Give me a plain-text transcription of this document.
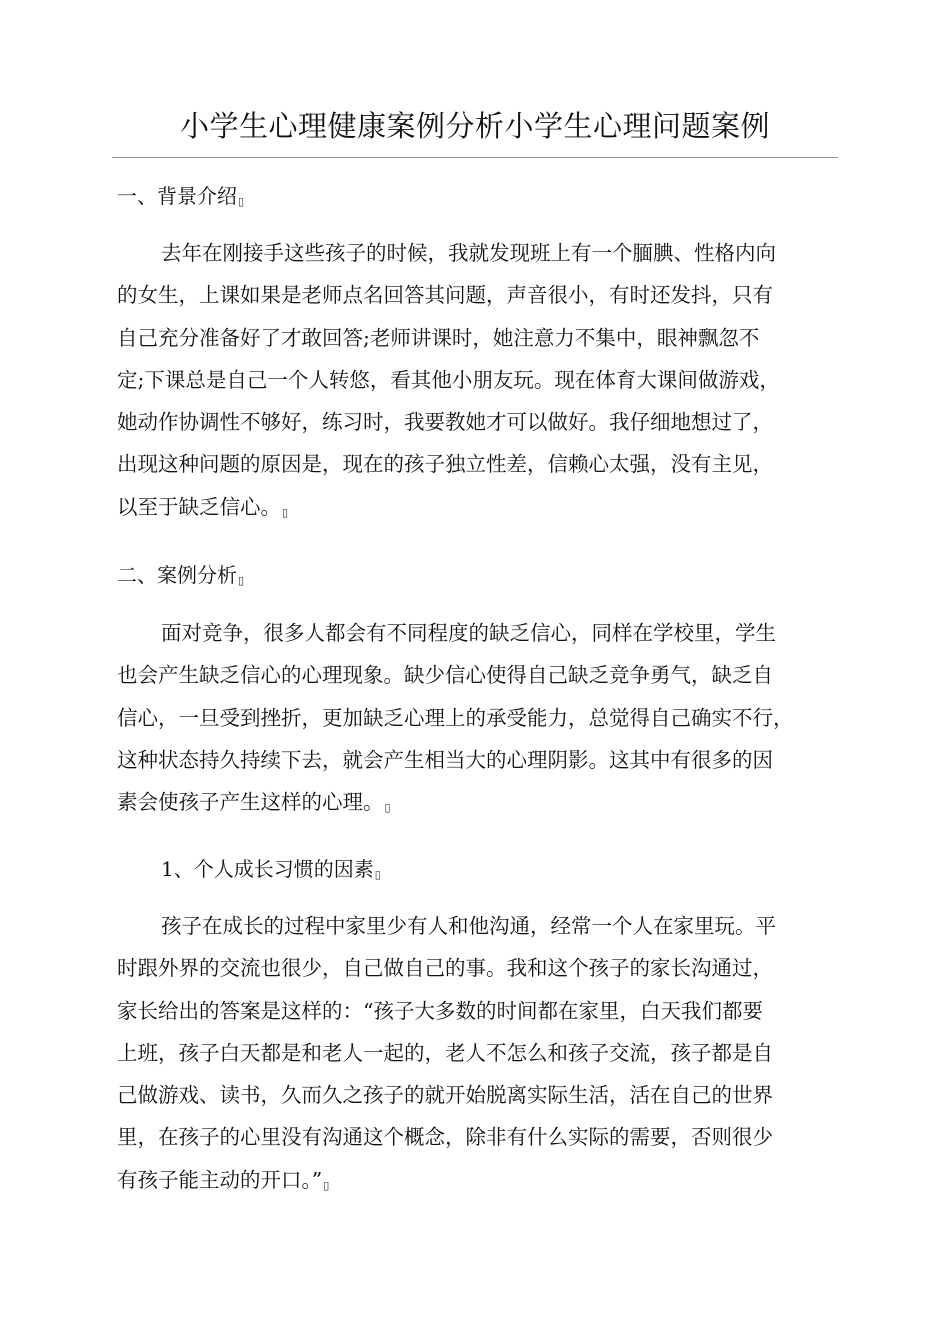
小学生心理健康案例分析小学生心理问题案例
一、背景介绍▯
去年在刚接手这些孩子的时候，我就发现班上有一个腼腆、性格内向
的女生，上课如果是老师点名回答其问题，声音很小，有时还发抖，只有
自己充分准备好了才敢回答;老师讲课时，她注意力不集中，眼神飘忽不
定;下课总是自己一个人转悠，看其他小朋友玩。现在体育大课间做游戏，
她动作协调性不够好，练习时，我要教她才可以做好。我仔细地想过了，
出现这种问题的原因是，现在的孩子独立性差，信赖心太强，没有主见，
以至于缺乏信心。▯
二、案例分析▯
面对竞争，很多人都会有不同程度的缺乏信心，同样在学校里，学生
也会产生缺乏信心的心理现象。缺少信心使得自己缺乏竞争勇气，缺乏自
信心，一旦受到挫折，更加缺乏心理上的承受能力，总觉得自己确实不行，
这种状态持久持续下去，就会产生相当大的心理阴影。这其中有很多的因
素会使孩子产生这样的心理。▯
1、个人成长习惯的因素▯
孩子在成长的过程中家里少有人和他沟通，经常一个人在家里玩。平
时跟外界的交流也很少，自己做自己的事。我和这个孩子的家长沟通过，
家长给出的答案是这样的：“孩子大多数的时间都在家里，白天我们都要
上班，孩子白天都是和老人一起的，老人不怎么和孩子交流，孩子都是自
己做游戏、读书，久而久之孩子的就开始脱离实际生活，活在自己的世界
里，在孩子的心里没有沟通这个概念，除非有什么实际的需要，否则很少
有孩子能主动的开口。”▯
